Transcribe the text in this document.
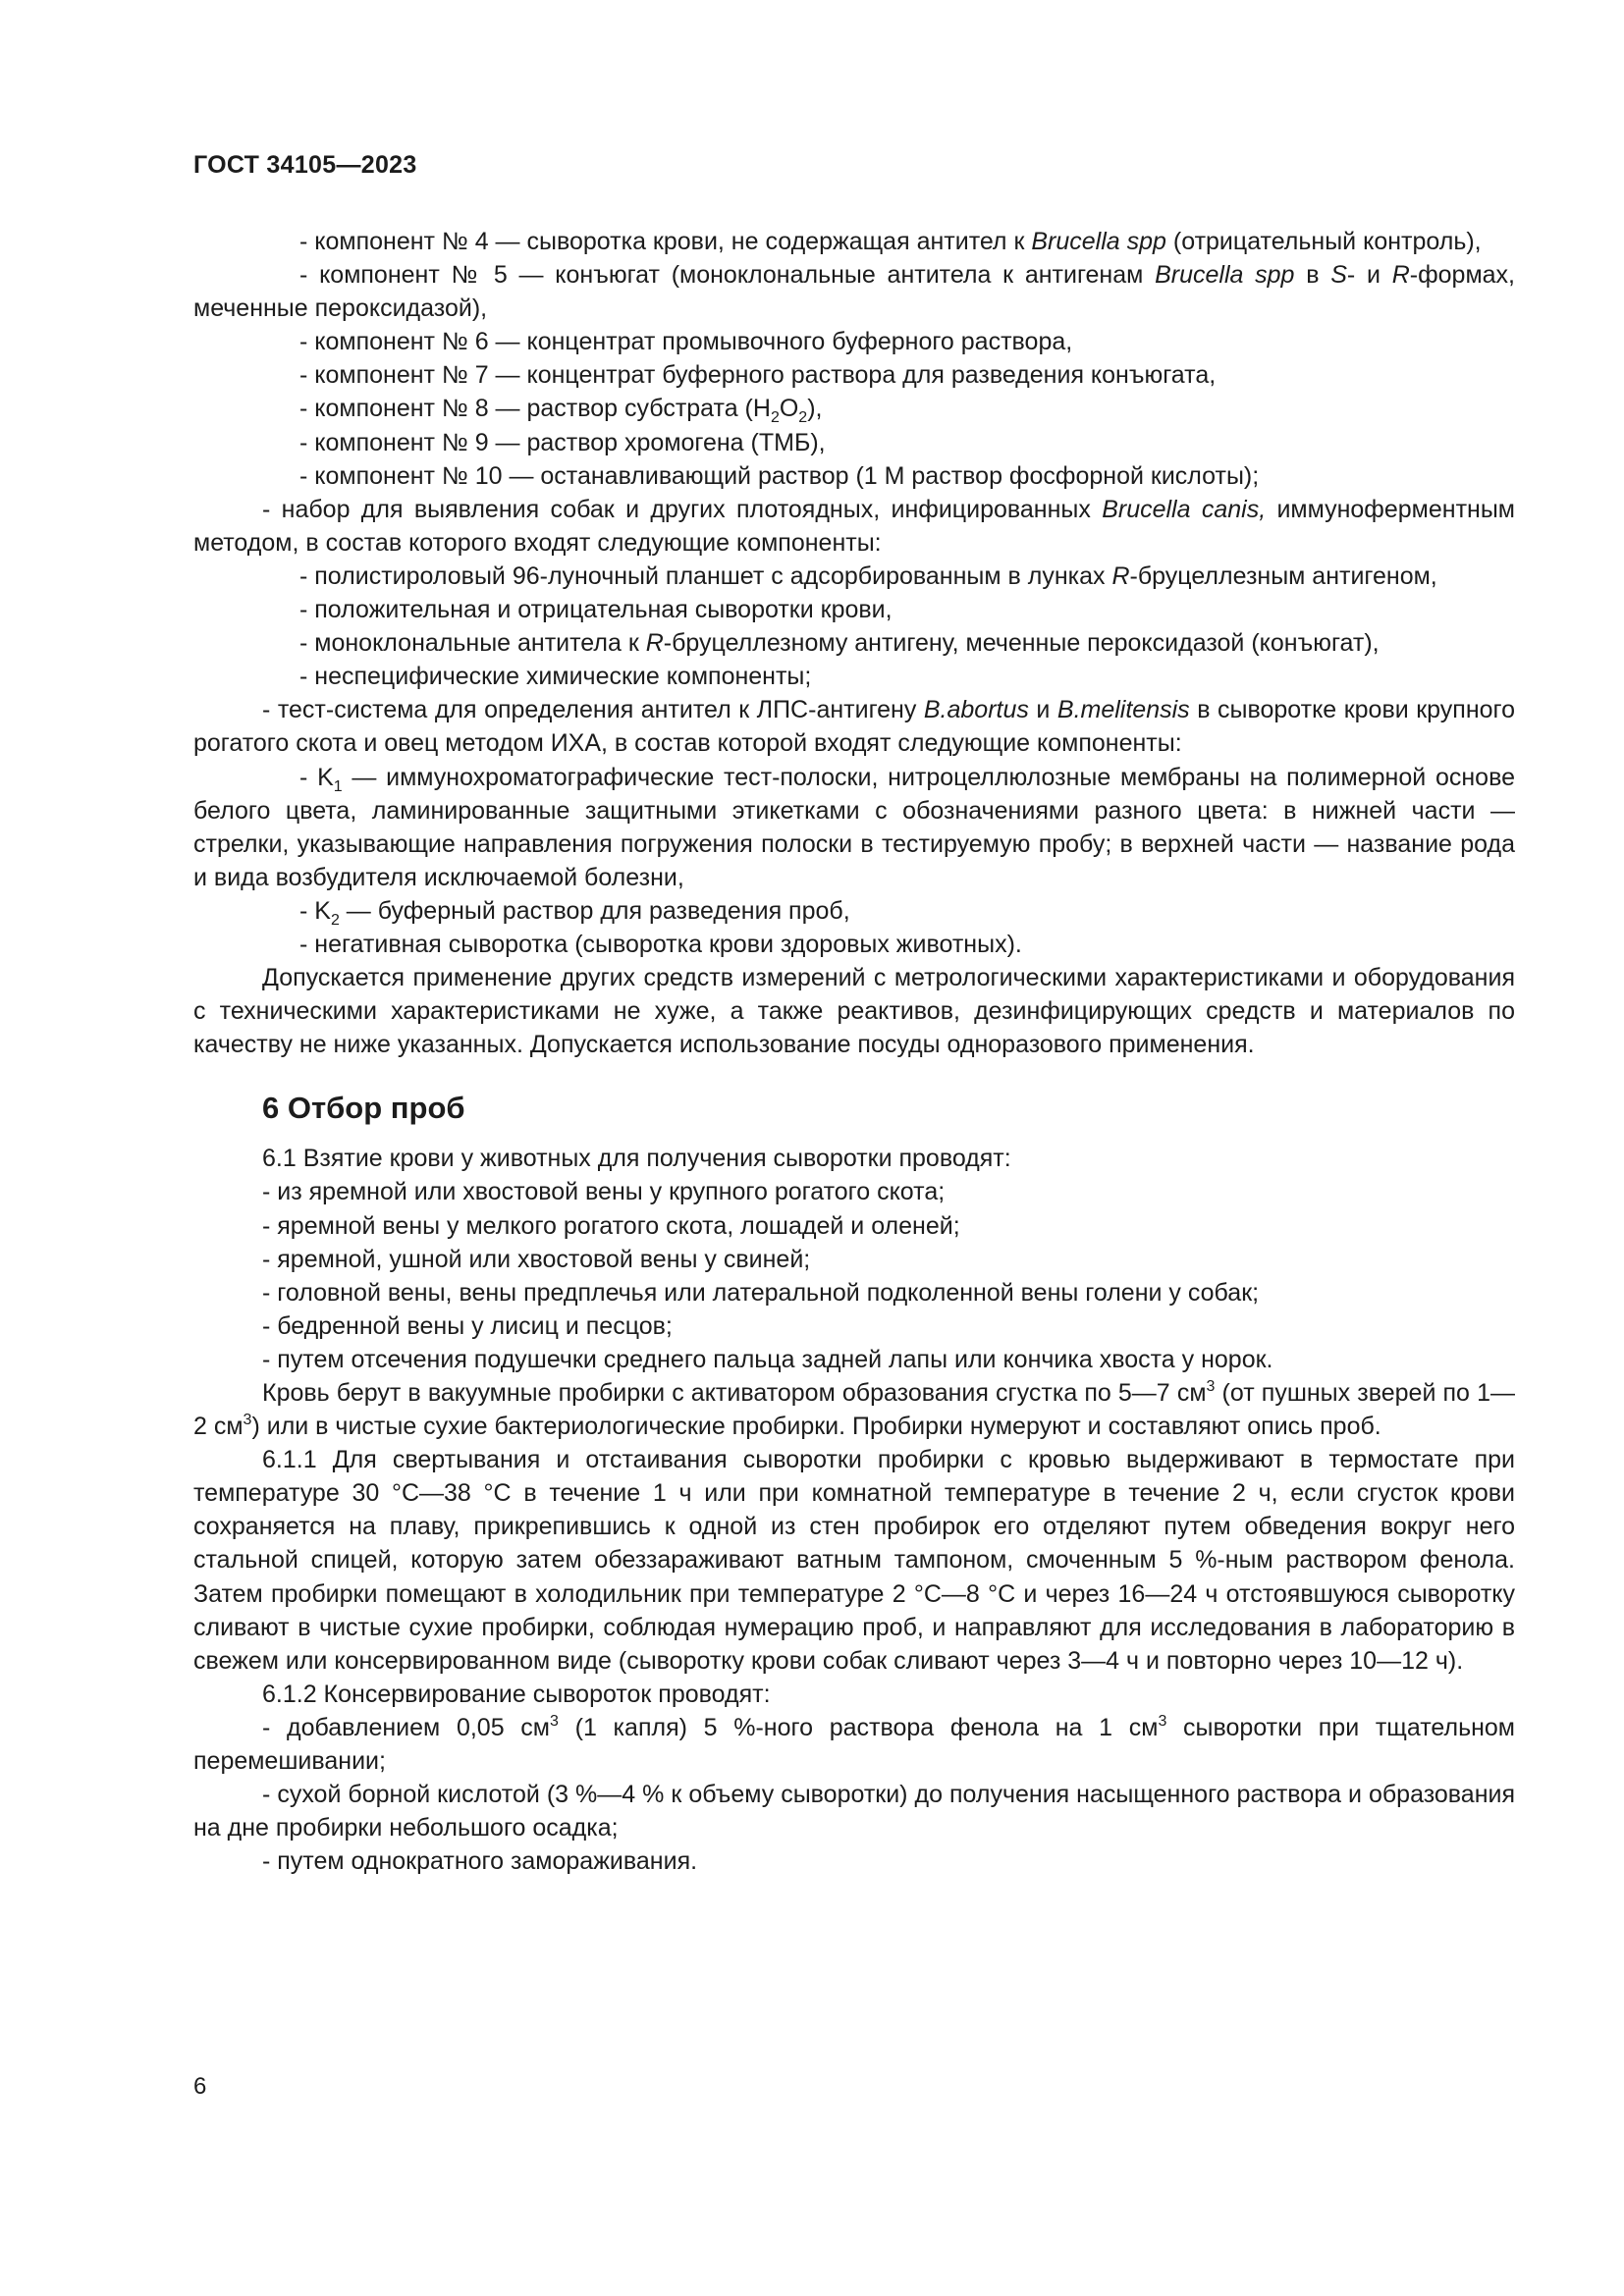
ГОСТ 34105—2023

- компонент № 4 — сыворотка крови, не содержащая антител к Brucella spp (отрицательный контроль),

- компонент № 5 — конъюгат (моноклональные антитела к антигенам Brucella spp в S- и R-формах, меченные пероксидазой),

- компонент № 6 — концентрат промывочного буферного раствора,

- компонент № 7 — концентрат буферного раствора для разведения конъюгата,

- компонент № 8 — раствор субстрата $(H_2O_2)$,

- компонент № 9 — раствор хромогена (ТМБ),

- компонент № 10 — останавливающий раствор (1 М раствор фосфорной кислоты);

- набор для выявления собак и других плотоядных, инфицированных Brucella canis, иммуноферментным методом, в состав которого входят следующие компоненты:

- полистироловый 96-луночный планшет с адсорбированным в лунках R-бруцеллезным антигеном,

- положительная и отрицательная сыворотки крови,

- моноклональные антитела к R-бруцеллезному антигену, меченные пероксидазой (конъюгат),

- неспецифические химические компоненты;

- тест-система для определения антител к ЛПС-антигену B.abortus и B.melitensis в сыворотке крови крупного рогатого скота и овец методом ИХА, в состав которой входят следующие компоненты:

- $K_1$ — иммунохроматографические тест-полоски, нитроцеллюлозные мембраны на полимерной основе белого цвета, ламинированные защитными этикетками с обозначениями разного цвета: в нижней части — стрелки, указывающие направления погружения полоски в тестируемую пробу; в верхней части — название рода и вида возбудителя исключаемой болезни,

- $K_2$ — буферный раствор для разведения проб,

- негативная сыворотка (сыворотка крови здоровых животных).

Допускается применение других средств измерений с метрологическими характеристиками и оборудования с техническими характеристиками не хуже, а также реактивов, дезинфицирующих средств и материалов по качеству не ниже указанных. Допускается использование посуды одноразового применения.

6 Отбор проб

6.1 Взятие крови у животных для получения сыворотки проводят:

- из яремной или хвостовой вены у крупного рогатого скота;

- яремной вены у мелкого рогатого скота, лошадей и оленей;

- яремной, ушной или хвостовой вены у свиней;

- головной вены, вены предплечья или латеральной подколенной вены голени у собак;

- бедренной вены у лисиц и песцов;

- путем отсечения подушечки среднего пальца задней лапы или кончика хвоста у норок.

Кровь берут в вакуумные пробирки с активатором образования сгустка по 5—7 $см^3$ (от пушных зверей по 1—2 $см^3$) или в чистые сухие бактериологические пробирки. Пробирки нумеруют и составляют опись проб.

6.1.1 Для свертывания и отстаивания сыворотки пробирки с кровью выдерживают в термостате при температуре 30 °С—38 °С в течение 1 ч или при комнатной температуре в течение 2 ч, если сгусток крови сохраняется на плаву, прикрепившись к одной из стен пробирок его отделяют путем обведения вокруг него стальной спицей, которую затем обеззараживают ватным тампоном, смоченным 5 %-ным раствором фенола. Затем пробирки помещают в холодильник при температуре 2 °С—8 °С и через 16—24 ч отстоявшуюся сыворотку сливают в чистые сухие пробирки, соблюдая нумерацию проб, и направляют для исследования в лабораторию в свежем или консервированном виде (сыворотку крови собак сливают через 3—4 ч и повторно через 10—12 ч).

6.1.2 Консервирование сывороток проводят:

- добавлением 0,05 $см^3$ (1 капля) 5 %-ного раствора фенола на 1 $см^3$ сыворотки при тщательном перемешивании;

- сухой борной кислотой (3 %—4 % к объему сыворотки) до получения насыщенного раствора и образования на дне пробирки небольшого осадка;

- путем однократного замораживания.

6
